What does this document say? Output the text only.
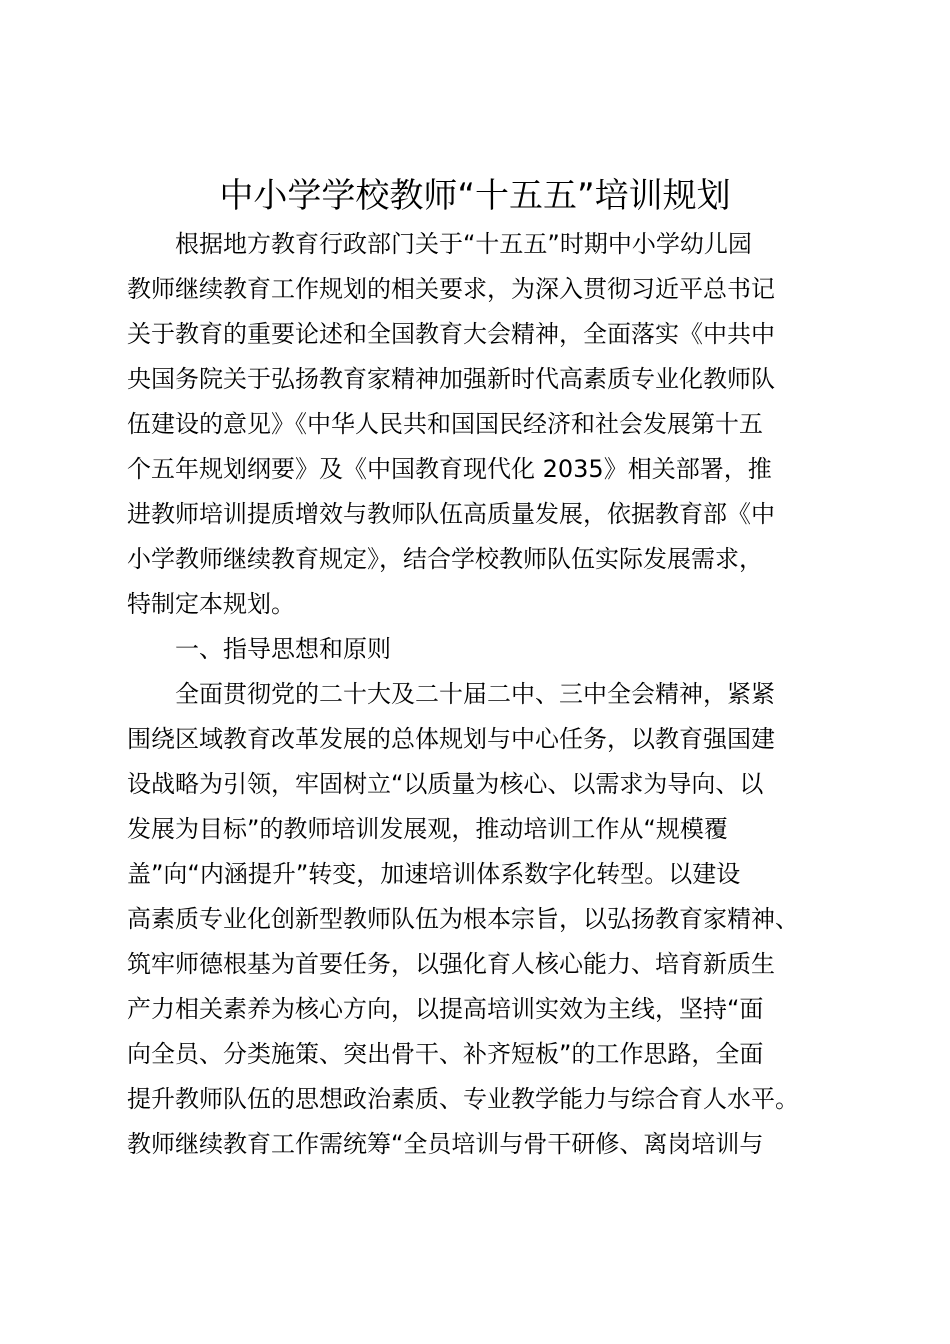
中小学学校教师“十五五”培训规划

根据地方教育行政部门关于“十五五”时期中小学幼儿园

教师继续教育工作规划的相关要求，为深入贯彻习近平总书记

关于教育的重要论述和全国教育大会精神，全面落实《中共中

央国务院关于弘扬教育家精神加强新时代高素质专业化教师队

伍建设的意见》《中华人民共和国国民经济和社会发展第十五

个五年规划纲要》及《中国教育现代化 2035》相关部署，推

进教师培训提质增效与教师队伍高质量发展，依据教育部《中

小学教师继续教育规定》，结合学校教师队伍实际发展需求，

特制定本规划。

一、指导思想和原则

全面贯彻党的二十大及二十届二中、三中全会精神，紧紧

围绕区域教育改革发展的总体规划与中心任务，以教育强国建

设战略为引领，牢固树立“以质量为核心、以需求为导向、以

发展为目标”的教师培训发展观，推动培训工作从“规模覆

盖”向“内涵提升”转变，加速培训体系数字化转型。以建设

高素质专业化创新型教师队伍为根本宗旨，以弘扬教育家精神、

筑牢师德根基为首要任务，以强化育人核心能力、培育新质生

产力相关素养为核心方向，以提高培训实效为主线，坚持“面

向全员、分类施策、突出骨干、补齐短板”的工作思路，全面

提升教师队伍的思想政治素质、专业教学能力与综合育人水平。

教师继续教育工作需统筹“全员培训与骨干研修、离岗培训与
